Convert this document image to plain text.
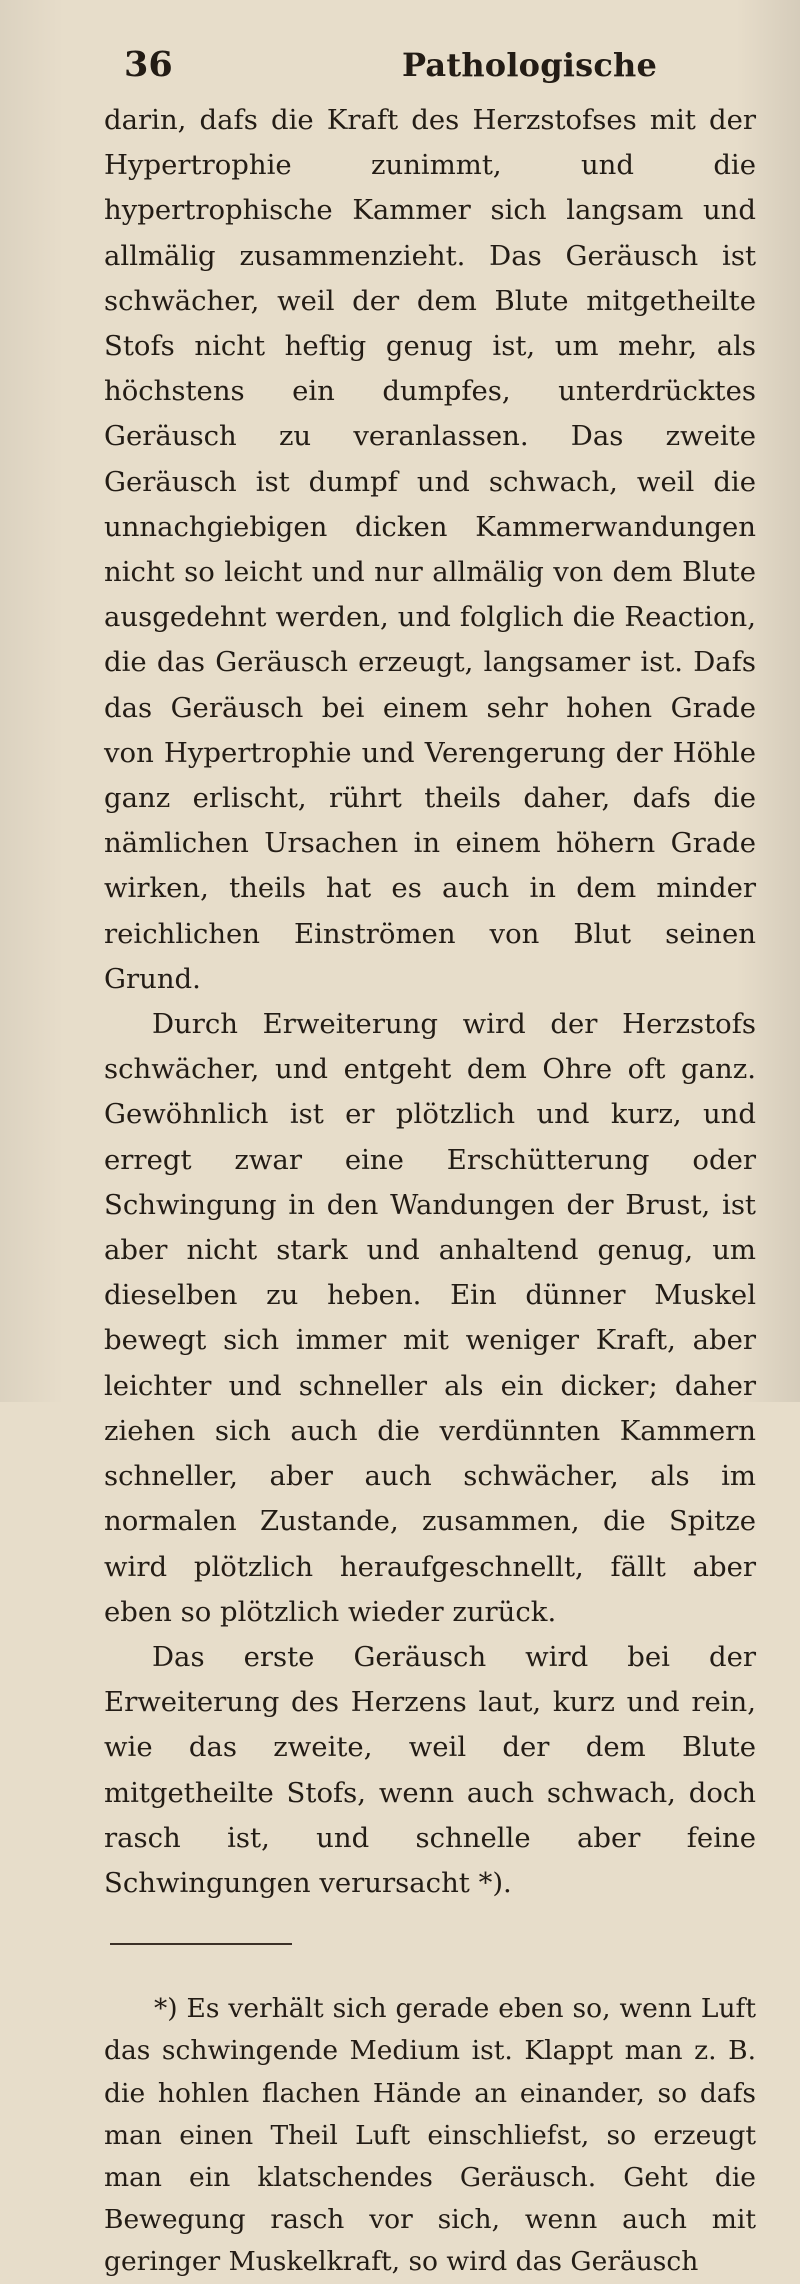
36	Pathologische

darin, dafs die Kraft des Herzstofses mit der Hypertrophie zunimmt, und die hypertrophische Kammer sich langsam und allmälig zusammenzieht. Das Geräusch ist schwächer, weil der dem Blute mitgetheilte Stofs nicht heftig genug ist, um mehr, als höchstens ein dumpfes, unterdrücktes Geräusch zu veranlassen. Das zweite Geräusch ist dumpf und schwach, weil die unnachgiebigen dicken Kammerwandungen nicht so leicht und nur allmälig von dem Blute ausgedehnt werden, und folglich die Reaction, die das Geräusch erzeugt, langsamer ist. Dafs das Geräusch bei einem sehr hohen Grade von Hypertrophie und Verengerung der Höhle ganz erlischt, rührt theils daher, dafs die nämlichen Ursachen in einem höhern Grade wirken, theils hat es auch in dem minder reichlichen Einströmen von Blut seinen Grund.

Durch Erweiterung wird der Herzstofs schwächer, und entgeht dem Ohre oft ganz. Gewöhnlich ist er plötzlich und kurz, und erregt zwar eine Erschütterung oder Schwingung in den Wandungen der Brust, ist aber nicht stark und anhaltend genug, um dieselben zu heben. Ein dünner Muskel bewegt sich immer mit weniger Kraft, aber leichter und schneller als ein dicker; daher ziehen sich auch die verdünnten Kammern schneller, aber auch schwächer, als im normalen Zustande, zusammen, die Spitze wird plötzlich heraufgeschnellt, fällt aber eben so plötzlich wieder zurück.

Das erste Geräusch wird bei der Erweiterung des Herzens laut, kurz und rein, wie das zweite, weil der dem Blute mitgetheilte Stofs, wenn auch schwach, doch rasch ist, und schnelle aber feine Schwingungen verursacht *).

*) Es verhält sich gerade eben so, wenn Luft das schwingende Medium ist. Klappt man z. B. die hohlen flachen Hände an einander, so dafs man einen Theil Luft einschliefst, so erzeugt man ein klatschendes Geräusch. Geht die Bewegung rasch vor sich, wenn auch mit geringer Muskelkraft, so wird das Geräusch
